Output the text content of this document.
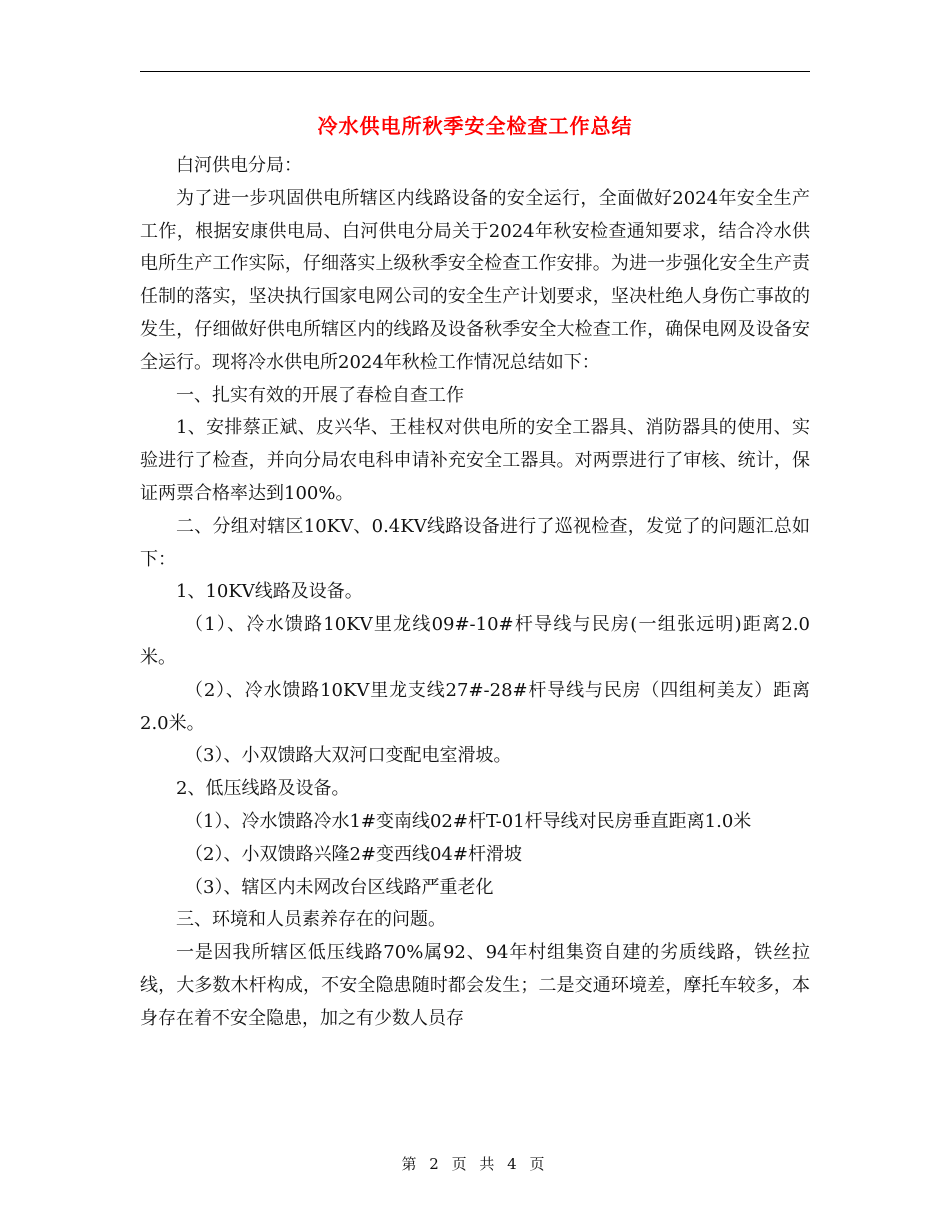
冷水供电所秋季安全检查工作总结

白河供电分局：

为了进一步巩固供电所辖区内线路设备的安全运行，全面做好2024年安全生产工作，根据安康供电局、白河供电分局关于2024年秋安检查通知要求，结合冷水供电所生产工作实际，仔细落实上级秋季安全检查工作安排。为进一步强化安全生产责任制的落实，坚决执行国家电网公司的安全生产计划要求，坚决杜绝人身伤亡事故的发生，仔细做好供电所辖区内的线路及设备秋季安全大检查工作，确保电网及设备安全运行。现将冷水供电所2024年秋检工作情况总结如下：

一、扎实有效的开展了春检自查工作

1、安排蔡正斌、皮兴华、王桂权对供电所的安全工器具、消防器具的使用、实验进行了检查，并向分局农电科申请补充安全工器具。对两票进行了审核、统计，保证两票合格率达到100%。

二、分组对辖区10KV、0.4KV线路设备进行了巡视检查，发觉了的问题汇总如下：

1、10KV线路及设备。

（1）、冷水馈路10KV里龙线09#-10#杆导线与民房(一组张远明)距离2.0米。

（2）、冷水馈路10KV里龙支线27#-28#杆导线与民房（四组柯美友）距离2.0米。

（3）、小双馈路大双河口变配电室滑坡。

2、低压线路及设备。

（1）、冷水馈路冷水1#变南线02#杆T-01杆导线对民房垂直距离1.0米

（2）、小双馈路兴隆2#变西线04#杆滑坡

（3）、辖区内未网改台区线路严重老化

三、环境和人员素养存在的问题。

一是因我所辖区低压线路70%属92、94年村组集资自建的劣质线路，铁丝拉线，大多数木杆构成，不安全隐患随时都会发生；二是交通环境差，摩托车较多，本身存在着不安全隐患，加之有少数人员存

第 2 页 共 4 页
